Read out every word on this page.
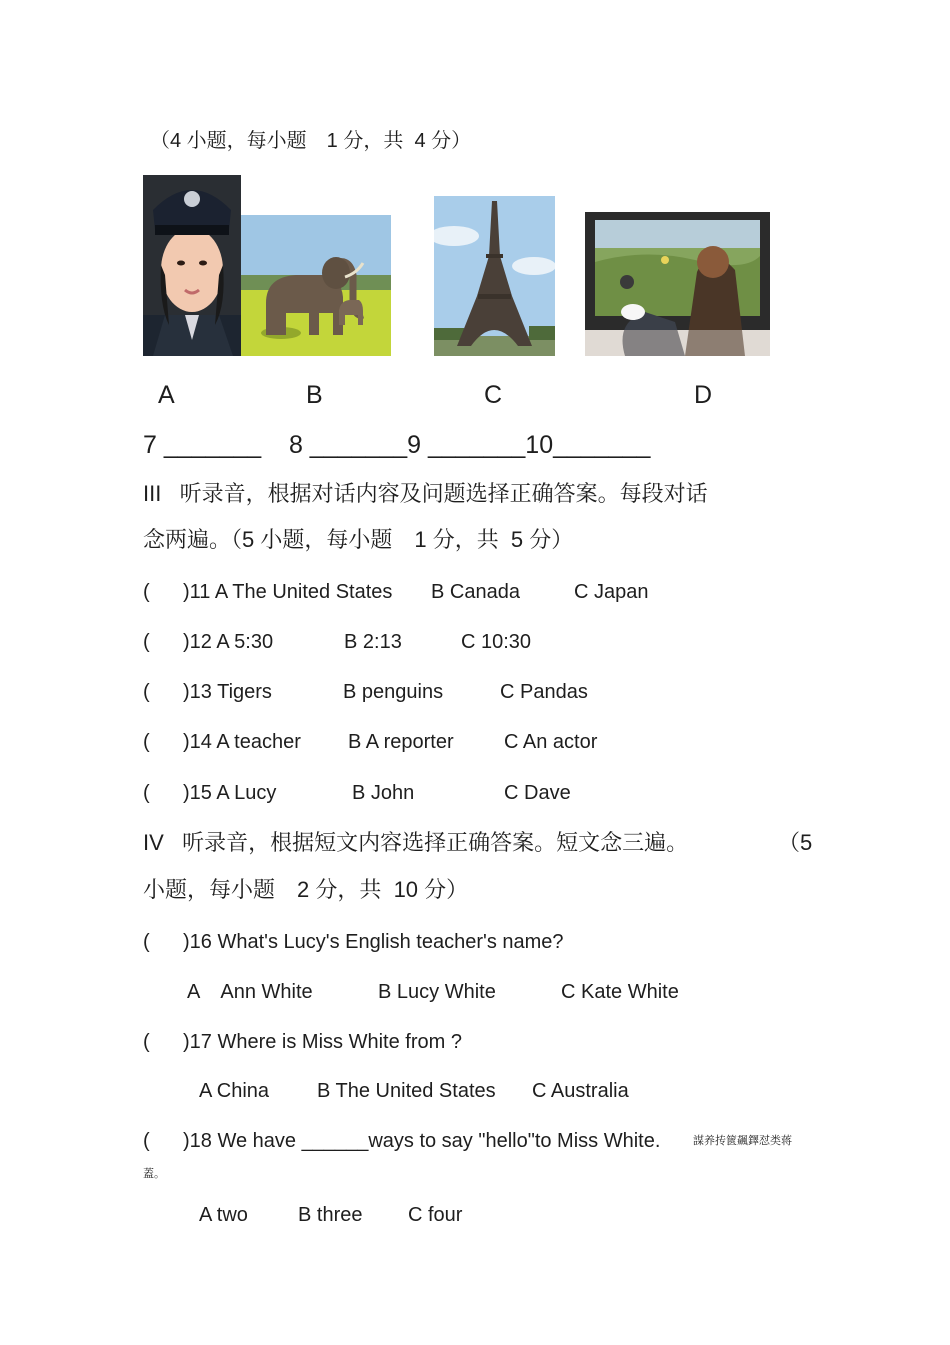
（4 小题，每小题　1 分，共  4 分）
A	B	C	D
7 _______    8 _______9 _______10_______
III   听录音，根据对话内容及问题选择正确答案。每段对话
念两遍。（5 小题，每小题　1 分，共  5 分）
(      )11 A The United States B Canada	C Japan
(      )12 A 5:30	B 2:13	C 10:30
(      )13 Tigers	B penguins	C Pandas
(      )14 A teacher B A reporter	C An actor
(      )15 A Lucy	B John	C Dave
IV   听录音，根据短文内容选择正确答案。短文念三遍。	（5
小题，每小题　2 分，共  10 分）
(      )16 What's Lucy's English teacher's name?
A    Ann White	B Lucy White	C Kate White
(      )17 Where is Miss White from ?
A China B The United States C Australia
(      )18 We have ______ways to say "hello"to Miss White.	謀养抟篋飆鐸怼类蒋
蓋。
A two	B three C four
